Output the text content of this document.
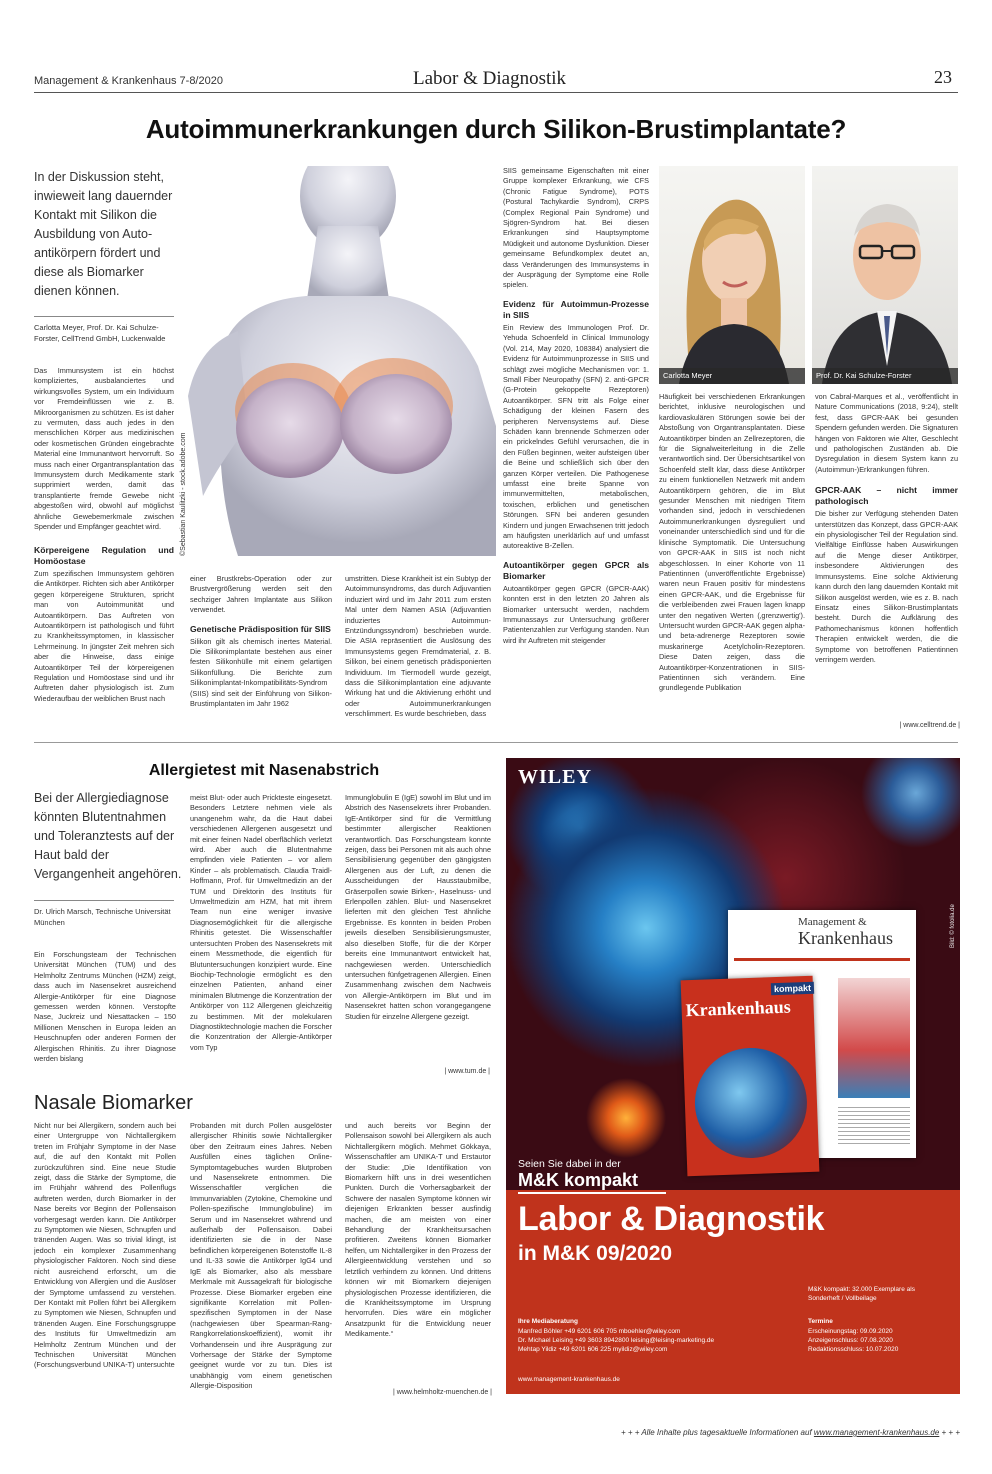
Management & Krankenhaus 7-8/2020	Labor & Diagnostik	23
Autoimmunerkrankungen durch Silikon-Brustimplantate?
In der Diskussion steht, inwieweit lang dauernder Kontakt mit Silikon die Ausbildung von Auto-antikörpern fördert und diese als Biomarker dienen können.
Carlotta Meyer, Prof. Dr. Kai Schulze-Forster, CellTrend GmbH, Luckenwalde
Das Immunsystem ist ein höchst kompliziertes, ausbalanciertes und wirkungsvolles System, um ein Individuum vor Fremdeinflüssen wie z. B. Mikroorganismen zu schützen. Es ist daher zu vermuten, dass auch jedes in den menschlichen Körper aus medizinischen oder kosmetischen Gründen eingebrachte Material eine Immunantwort hervorruft. So muss nach einer Organtransplantation das Immunsystem durch Medikamente stark supprimiert werden, damit das transplantierte fremde Gewebe nicht abgestoßen wird, obwohl auf möglichst ähnliche Gewebemerkmale zwischen Spender und Empfänger geachtet wird.	©Sebastian Kaulitzki - stock.adobe.com
Körpereigene Regulation und Homöostase

Zum spezifischen Immunsystem gehören die Antikörper. Richten sich aber Antikörper gegen körpereigene Strukturen, spricht man von Autoimmunität und Autoantikörpern. Das Auftreten von Autoantikörpern ist pathologisch und führt zu Krankheitssymptomen, in klassischer Lehrmeinung. In jüngster Zeit mehren sich aber die Hinweise, dass einige Autoantikörper Teil der körpereigenen Regulation und Homöostase sind und ihr Auftreten daher physiologisch ist. Zum Wiederaufbau der weiblichen Brust nach

einer Brustkrebs-Operation oder zur Brustvergrößerung werden seit den sechziger Jahren Implantate aus Silikon verwendet.

Genetische Prädisposition für SIIS

Silikon gilt als chemisch inertes Material. Die Silikonimplantate bestehen aus einer festen Silikonhülle mit einem gelartigen Silikonfüllung. Die Berichte zum Silikonimplantat-Inkompatibilitäts-Syndrom (SIIS) sind seit der Einführung von Silikon-Brustimplantaten im Jahr 1962

umstritten. Diese Krankheit ist ein Subtyp der Autoimmunsyndroms, das durch Adjuvantien induziert wird und im Jahr 2011 zum ersten Mal unter dem Namen ASIA (Adjuvantien induziertes Autoimmun-Entzündungssyndrom) beschrieben wurde. Die ASIA repräsentiert die Auslösung des Immunsystems gegen Fremdmaterial, z. B. Silikon, bei einem genetisch prädisponierten Individuum. Im Tiermodell wurde gezeigt, dass die Silikonimplantation eine adjuvante Wirkung hat und die Aktivierung erhöht und oder Autoimmunerkrankungen verschlimmert. Es wurde beschrieben, dass

SIIS gemeinsame Eigenschaften mit einer Gruppe komplexer Erkrankung, wie CFS (Chronic Fatigue Syndrome), POTS (Postural Tachykardie Syndrom), CRPS (Complex Regional Pain Syndrome) und Sjögren-Syndrom hat. Bei diesen Erkrankungen sind Hauptsymptome Müdigkeit und autonome Dysfunktion. Dieser gemeinsame Befundkomplex deutet an, dass Veränderungen des Immunsystems in der Ausprägung der Symptome eine Rolle spielen.

Evidenz für Autoimmun-Prozesse in SIIS

Ein Review des Immunologen Prof. Dr. Yehuda Schoenfeld in Clinical Immunology (Vol. 214, May 2020, 108384) analysiert die Evidenz für Autoimmunprozesse in SIIS und schlägt zwei mögliche Mechanismen vor: 1. Small Fiber Neuropathy (SFN) 2. anti-GPCR (G-Protein gekoppelte Rezeptoren) Autoantikörper. SFN tritt als Folge einer Schädigung der kleinen Fasern des peripheren Nervensystems auf. Diese Schäden kann brennende Schmerzen oder ein prickelndes Gefühl verursachen, die in den Füßen beginnen, weiter aufsteigen über die Beine und schließlich sich über den ganzen Körper verteilen. Die Pathogenese umfasst eine breite Spanne von immunvermittelten, metabolischen, toxischen, erblichen und genetischen Störungen. SFN bei anderen gesunden Kindern und jungen Erwachsenen tritt jedoch am häufigsten unerklärlich auf und umfasst autoreaktive B-Zellen.

Autoantikörper gegen GPCR als Biomarker

Autoantikörper gegen GPCR (GPCR-AAK) konnten erst in den letzten 20 Jahren als Biomarker untersucht werden, nachdem Immunassays zur Untersuchung größerer Patientenzahlen zur Verfügung standen. Nun wird ihr Auftreten mit steigender

Carlotta Meyer	Prof. Dr. Kai Schulze-Forster
Häufigkeit bei verschiedenen Erkrankungen berichtet, inklusive neurologischen und kardiovaskulären Störungen sowie bei der Abstoßung von Organtransplantaten. Diese Autoantikörper binden an Zellrezeptoren, die für die Signalweiterleitung in die Zelle verantwortlich sind. Der Übersichtsartikel von Schoenfeld stellt klar, dass diese Antikörper zu einem funktionellen Netzwerk mit andern Autoantikörpern gehören, die im Blut gesunder Menschen mit niedrigen Titern vorhanden sind, jedoch in verschiedenen Autoimmunerkrankungen dysreguliert und voneinander unterschiedlich sind und für die klinische Symptomatik. Die Untersuchung von GPCR-AAK in SIIS ist noch nicht abgeschlossen. In einer Kohorte von 11 Patientinnen (unveröffentlichte Ergebnisse) waren neun Frauen positiv für mindestens einen GPCR-AAK, und die Ergebnisse für die verbleibenden zwei Frauen lagen knapp unter den negativen Werten (‚grenzwertig'). Untersucht wurden GPCR-AAK gegen alpha- und beta-adrenerge Rezeptoren sowie muskarinerge Acetylcholin-Rezeptoren. Diese Daten zeigen, dass die Autoantikörper-Konzentrationen in SIIS-Patientinnen sich verändern. Eine grundlegende Publikation

von Cabral-Marques et al., veröffentlicht in Nature Communications (2018, 9:24), stellt fest, dass GPCR-AAK bei gesunden Spendern gefunden werden. Die Signaturen hängen von Faktoren wie Alter, Geschlecht und pathologischen Zuständen ab. Die Dysregulation in diesem System kann zu (Autoimmun-)Erkrankungen führen.

GPCR-AAK – nicht immer pathologisch

Die bisher zur Verfügung stehenden Daten unterstützen das Konzept, dass GPCR-AAK ein physiologischer Teil der Regulation sind. Vielfältige Einflüsse haben Auswirkungen auf die Menge dieser Antikörper, insbesondere Aktivierungen des Immunsystems. Eine solche Aktivierung kann durch den lang dauernden Kontakt mit Silikon ausgelöst werden, wie es z. B. nach Einsatz eines Silikon-Brustimplantats besteht. Durch die Aufklärung des Pathomechanismus können hoffentlich Therapien entwickelt werden, die die Symptome von betroffenen Patientinnen verringern werden.

| www.celltrend.de |
Allergietest mit Nasenabstrich
Bei der Allergiediagnose könnten Blutentnahmen und Toleranztests auf der Haut bald der Vergangenheit angehören.
Dr. Ulrich Marsch, Technische Universität München
Ein Forschungsteam der Technischen Universität München (TUM) und des Helmholtz Zentrums München (HZM) zeigt, dass auch im Nasensekret ausreichend Allergie-Antikörper für eine Diagnose gemessen werden können. Verstopfte Nase, Juckreiz und Niesattacken – 150 Millionen Menschen in Europa leiden an Heuschnupfen oder anderen Formen der Allergischen Rhinitis. Zu ihrer Diagnose werden bislang
meist Blut- oder auch Prickteste eingesetzt. Besonders Letztere nehmen viele als unangenehm wahr, da die Haut dabei verschiedenen Allergenen ausgesetzt und mit einer feinen Nadel oberflächlich verletzt wird. Aber auch die Blutentnahme empfinden viele Patienten – vor allem Kinder – als problematisch. Claudia Traidl-Hoffmann, Prof. für Umweltmedizin an der TUM und Direktorin des Instituts für Umweltmedizin am HZM, hat mit ihrem Team nun eine weniger invasive Diagnosemöglichkeit für die allergische Rhinitis getestet. Die Wissenschaftler untersuchten Proben des Nasensekrets mit einem Messmethode, die eigentlich für Blutuntersuchungen konzipiert wurde. Eine Biochip-Technologie ermöglicht es den einzelnen Patienten, anhand einer minimalen Blutmenge die Konzentration der Antikörper von 112 Allergenen gleichzeitig zu bestimmen. Mit der molekularen Diagnostiktechnologie machen die Forscher die Konzentration der Allergie-Antikörper vom Typ
Immunglobulin E (IgE) sowohl im Blut und im Abstrich des Nasensekrets ihrer Probanden. IgE-Antikörper sind für die Vermittlung bestimmter allergischer Reaktionen verantwortlich. Das Forschungsteam konnte zeigen, dass bei Personen mit als auch ohne Sensibilisierung gegenüber den gängigsten Allergenen aus der Luft, zu denen die Ausscheidungen der Hausstaubmilbe, Gräserpollen sowie Birken-, Haselnuss- und Erlenpollen zählen. Blut- und Nasensekret lieferten mit den gleichen Test ähnliche Ergebnisse. Es konnten in beiden Proben jeweils dieselben Sensibilisierungsmuster, also dieselben Stoffe, für die der Körper bereits eine Immunantwort entwickelt hat, nachgewiesen werden. Unterschiedlich untersuchen fünfgetragenen Allergien. Einen Zusammenhang zwischen dem Nachweis von Allergie-Antikörpern im Blut und im Nasensekret hatten schon vorangegangene Studien für einzelne Allergene gezeigt.
| www.tum.de |
Nasale Biomarker
Nicht nur bei Allergikern, sondern auch bei einer Untergruppe von Nichtallergikern treten im Frühjahr Symptome in der Nase auf, die auf den Kontakt mit Pollen zurückzuführen sind. Eine neue Studie zeigt, dass die Stärke der Symptome, die im Frühjahr während des Pollenflugs auftreten werden, durch Biomarker in der Nase bereits vor Beginn der Pollensaison vorhergesagt werden kann. Die Antikörper zu Symptomen wie Niesen, Schnupfen und tränenden Augen. Was so trivial klingt, ist jedoch ein komplexer Zusammenhang physiologischer Faktoren. Noch sind diese nicht ausreichend erforscht, um die Entwicklung von Allergien und die Auslöser der Symptome umfassend zu verstehen. Der Kontakt mit Pollen führt bei Allergikern zu Symptomen wie Niesen, Schnupfen und tränenden Augen. Eine Forschungsgruppe des Instituts für Umweltmedizin am Helmholtz Zentrum München und der Technischen Universität München (Forschungsverbund UNIKA-T) untersuchte
Probanden mit durch Pollen ausgelöster allergischer Rhinitis sowie Nichtallergiker über den Zeitraum eines Jahres. Neben Ausfüllen eines täglichen Online-Symptomtagebuches wurden Blutproben und Nasensekrete entnommen. Die Wissenschaftler verglichen die Immunvariablen (Zytokine, Chemokine und Pollen-spezifische Immunglobuline) im Serum und im Nasensekret während und außerhalb der Pollensaison. Dabei identifizierten sie die in der Nase befindlichen körpereigenen Botenstoffe IL-8 und IL-33 sowie die Antikörper IgG4 und IgE als Biomarker, also als messbare Merkmale mit Aussagekraft für biologische Prozesse. Diese Biomarker ergeben eine signifikante Korrelation mit Pollen-spezifischen Symptomen in der Nase (nachgewiesen über Spearman-Rang-Rangkorrelationskoeffizient), womit ihr Vorhandensein und ihre Ausprägung zur Vorhersage der Stärke der Symptome geeignet wurde vor zu tun. Dies ist unabhängig vom einem genetischen Allergie-Disposition
und auch bereits vor Beginn der Pollensaison sowohl bei Allergikern als auch Nichtallergikern möglich. Mehmet Gökkaya, Wissenschaftler am UNIKA-T und Erstautor der Studie: „Die Identifikation von Biomarkern hilft uns in drei wesentlichen Punkten. Durch die Vorhersagbarkeit der Schwere der nasalen Symptome können wir diejenigen Erkrankten besser ausfindig machen, die am meisten von einer Behandlung der Krankheitsursachen profitieren. Zweitens können Biomarker helfen, um Nichtallergiker in den Prozess der Allergieentwicklung verstehen und so letztlich verhindern zu können. Und drittens können wir mit Biomarkern diejenigen physiologischen Prozesse identifizieren, die die Krankheitssymptome im Ursprung hervorrufen. Dies wäre ein möglicher Ansatzpunkt für die Entwicklung neuer Medikamente.“
| www.helmholtz-muenchen.de |
WILEY
Bild: © fotolia.de
Management &
Krankenhaus
Krankenhaus
kompakt
Seien Sie dabei in der
M&K kompakt
Labor & Diagnostik
in M&K 09/2020
M&K kompakt: 32.000 Exemplare als Sonderheft / Vollbeilage
Ihre Mediaberatung
Manfred Böhler +49 6201 606 705 mboehler@wiley.com
Dr. Michael Leising +49 3603 8942800 leising@leising-marketing.de
Mehtap Yildiz +49 6201 606 225 myildiz@wiley.com
Termine
Erscheinungstag: 09.09.2020
Anzeigenschluss: 07.08.2020
Redaktionsschluss: 10.07.2020
www.management-krankenhaus.de
+ + + Alle Inhalte plus tagesaktuelle Informationen auf www.management-krankenhaus.de + + +
